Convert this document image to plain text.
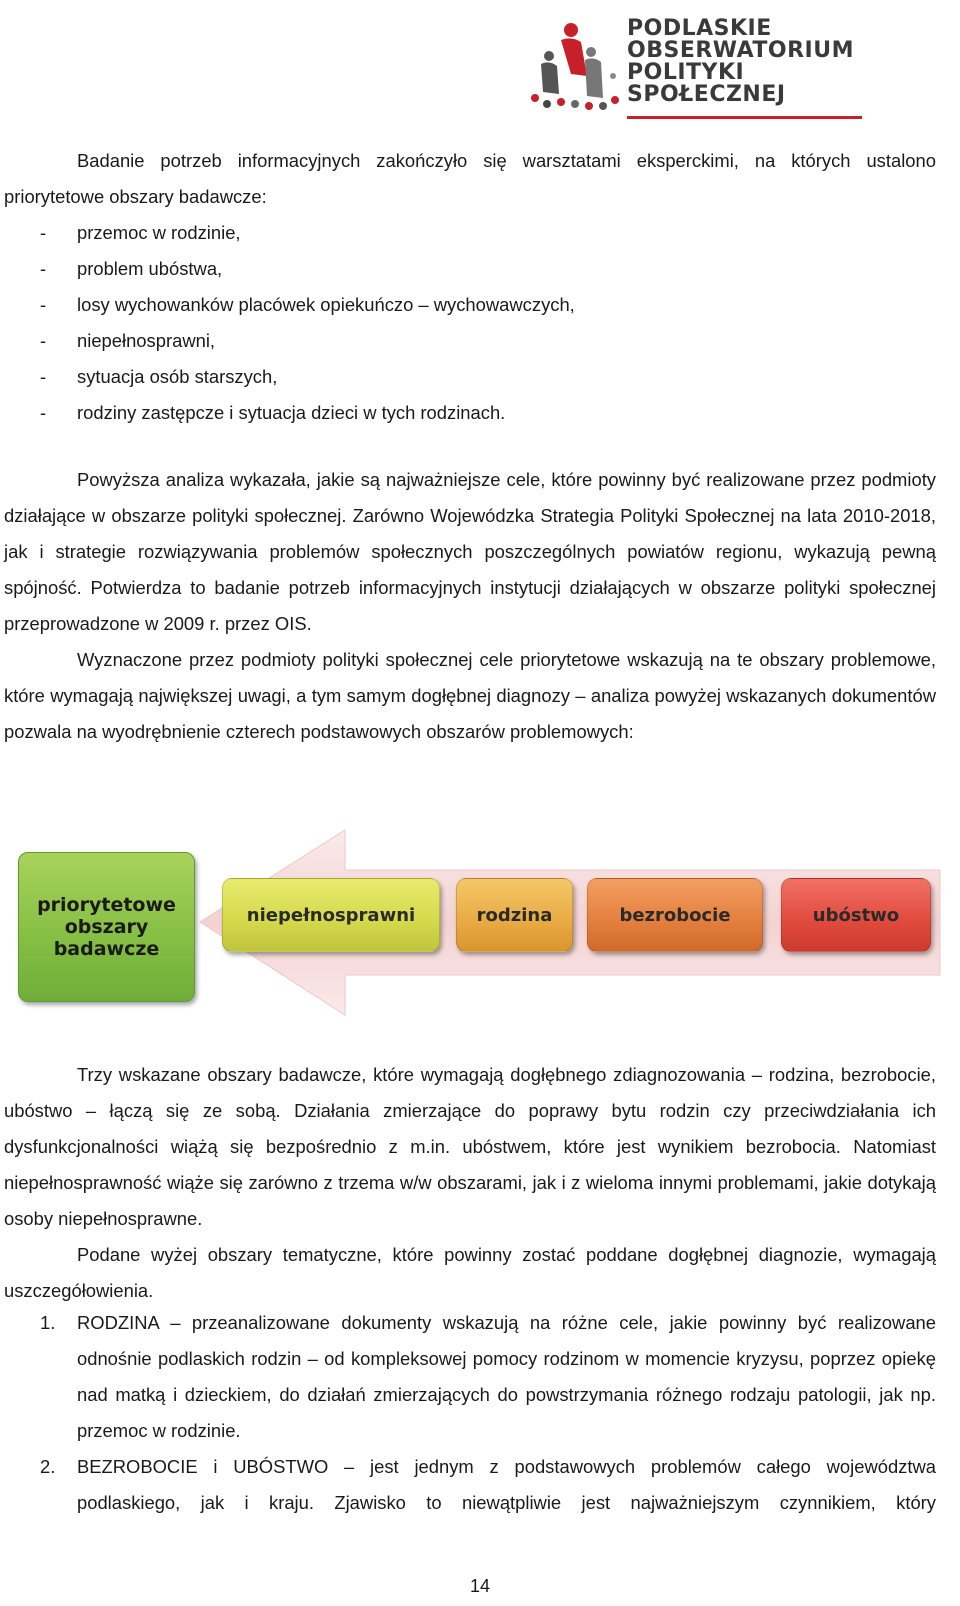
PODLASKIE
OBSERWATORIUM
POLITYKI
SPOŁECZNEJ

Badanie potrzeb informacyjnych zakończyło się warsztatami eksperckimi, na których ustalono priorytetowe obszary badawcze:

- przemoc w rodzinie,
- problem ubóstwa,
- losy wychowanków placówek opiekuńczo – wychowawczych,
- niepełnosprawni,
- sytuacja osób starszych,
- rodziny zastępcze i sytuacja dzieci w tych rodzinach.

Powyższa analiza wykazała, jakie są najważniejsze cele, które powinny być realizowane przez podmioty działające w obszarze polityki społecznej. Zarówno Wojewódzka Strategia Polityki Społecznej na lata 2010-2018, jak i strategie rozwiązywania problemów społecznych poszczególnych powiatów regionu, wykazują pewną spójność. Potwierdza to badanie potrzeb informacyjnych instytucji działających w obszarze polityki społecznej przeprowadzone w 2009 r. przez OIS.

Wyznaczone przez podmioty polityki społecznej cele priorytetowe wskazują na te obszary problemowe, które wymagają największej uwagi, a tym samym dogłębnej diagnozy – analiza powyżej wskazanych dokumentów pozwala na wyodrębnienie czterech podstawowych obszarów problemowych:

priorytetowe
obszary
badawcze
niepełnosprawni	rodzina	bezrobocie	ubóstwo

Trzy wskazane obszary badawcze, które wymagają dogłębnego zdiagnozowania – rodzina, bezrobocie, ubóstwo – łączą się ze sobą. Działania zmierzające do poprawy bytu rodzin czy przeciwdziałania ich dysfunkcjonalności wiążą się bezpośrednio z m.in. ubóstwem, które jest wynikiem bezrobocia. Natomiast niepełnosprawność wiąże się zarówno z trzema w/w obszarami, jak i z wieloma innymi problemami, jakie dotykają osoby niepełnosprawne.

Podane wyżej obszary tematyczne, które powinny zostać poddane dogłębnej diagnozie, wymagają uszczegółowienia.

1. RODZINA – przeanalizowane dokumenty wskazują na różne cele, jakie powinny być realizowane odnośnie podlaskich rodzin – od kompleksowej pomocy rodzinom w momencie kryzysu, poprzez opiekę nad matką i dzieckiem, do działań zmierzających do powstrzymania różnego rodzaju patologii, jak np. przemoc w rodzinie.
2. BEZROBOCIE i UBÓSTWO – jest jednym z podstawowych problemów całego województwa podlaskiego, jak i kraju. Zjawisko to niewątpliwie jest najważniejszym czynnikiem, który
14
